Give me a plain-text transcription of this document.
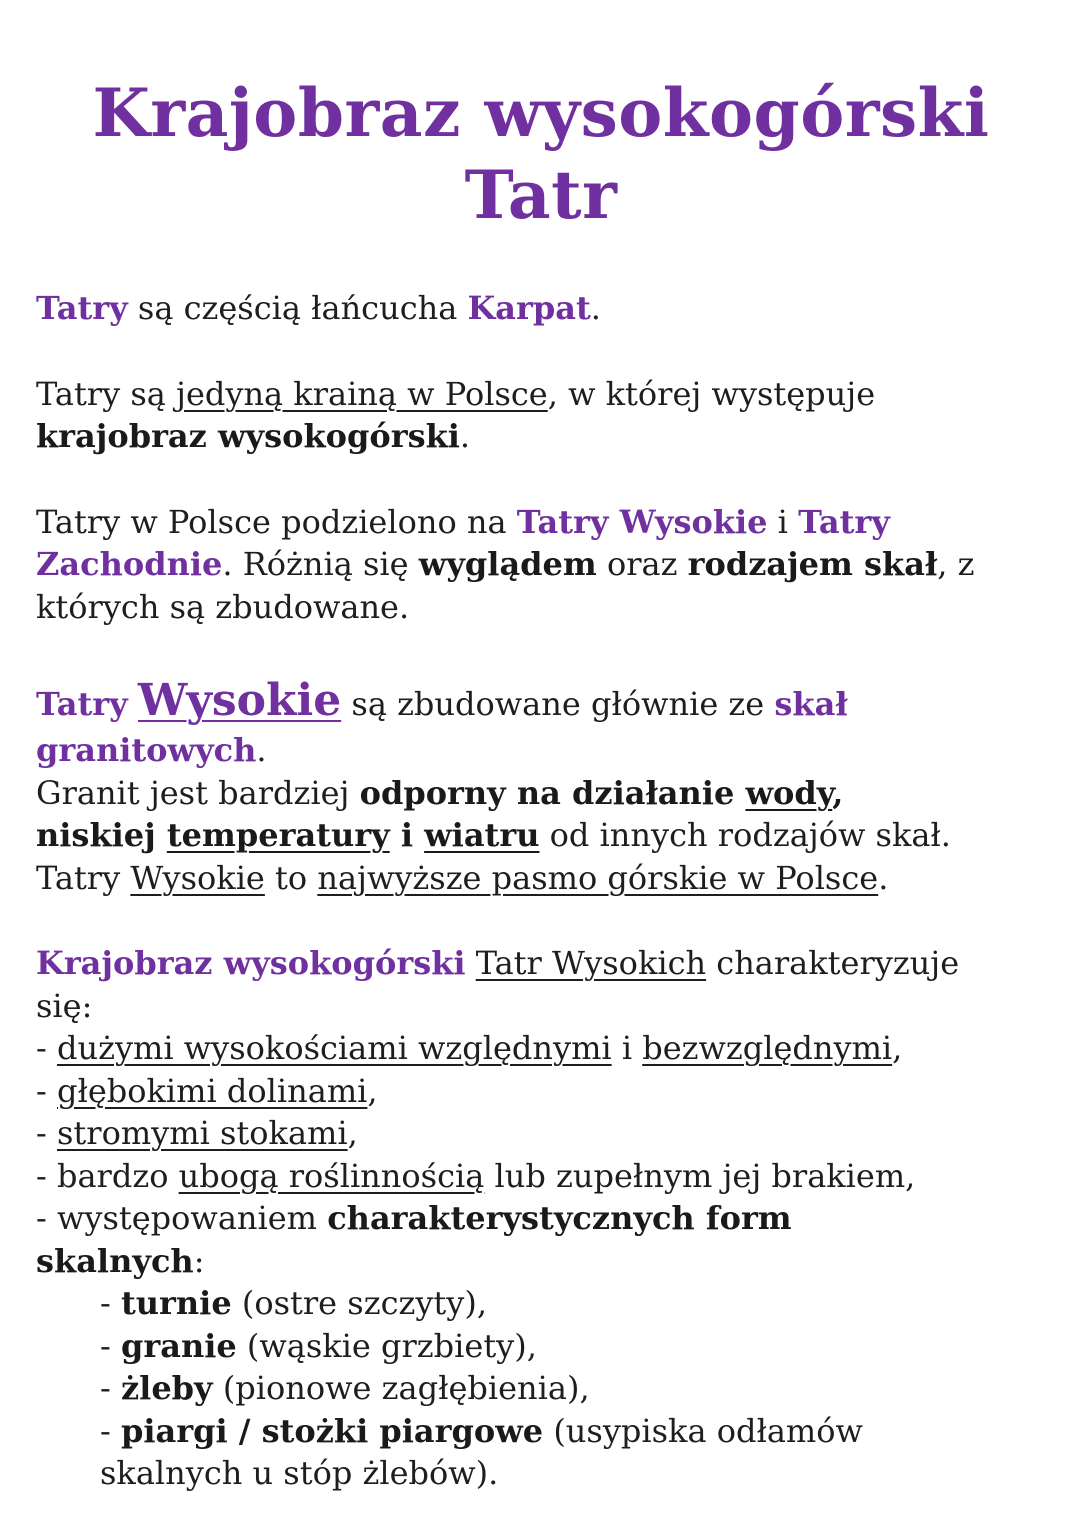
Krajobraz wysokogórski
Tatr

Tatry są częścią łańcucha Karpat.

Tatry są jedyną krainą w Polsce, w której występuje

krajobraz wysokogórski.

Tatry w Polsce podzielono na Tatry Wysokie i Tatry

Zachodnie. Różnią się wyglądem oraz rodzajem skał, z

których są zbudowane.

Tatry Wysokie są zbudowane głównie ze skał

granitowych.

Granit jest bardziej odporny na działanie wody,

niskiej temperatury i wiatru od innych rodzajów skał.

Tatry Wysokie to najwyższe pasmo górskie w Polsce.

Krajobraz wysokogórski Tatr Wysokich charakteryzuje

się:

- dużymi wysokościami względnymi i bezwzględnymi,

- głębokimi dolinami,

- stromymi stokami,

- bardzo ubogą roślinnością lub zupełnym jej brakiem,

- występowaniem charakterystycznych form

skalnych:

- turnie (ostre szczyty),

- granie (wąskie grzbiety),

- żleby (pionowe zagłębienia),

- piargi / stożki piargowe (usypiska odłamów

skalnych u stóp żlebów).
